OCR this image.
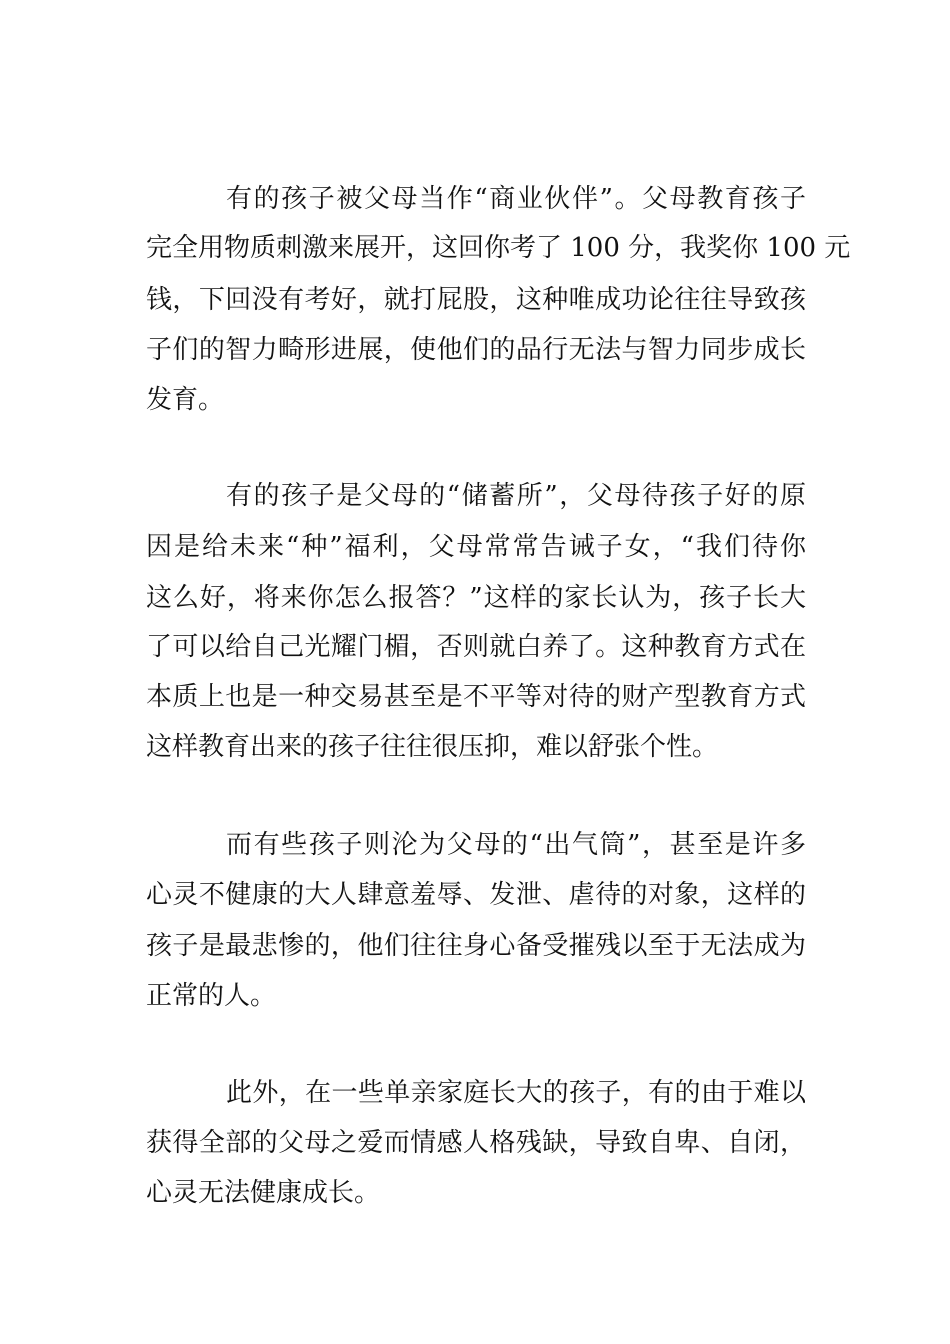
有的孩子被父母当作“商业伙伴”。父母教育孩子
完全用物质刺激来展开，这回你考了 100 分，我奖你 100 元
钱，下回没有考好，就打屁股，这种唯成功论往往导致孩
子们的智力畸形进展，使他们的品行无法与智力同步成长
发育。
有的孩子是父母的“储蓄所”，父母待孩子好的原
因是给未来“种”福利，父母常常告诫子女，“我们待你
这么好，将来你怎么报答？”这样的家长认为，孩子长大
了可以给自己光耀门楣，否则就白养了。这种教育方式在
本质上也是一种交易甚至是不平等对待的财产型教育方式
这样教育出来的孩子往往很压抑，难以舒张个性。
而有些孩子则沦为父母的“出气筒”，甚至是许多
心灵不健康的大人肆意羞辱、发泄、虐待的对象，这样的
孩子是最悲惨的，他们往往身心备受摧残以至于无法成为
正常的人。
此外，在一些单亲家庭长大的孩子，有的由于难以
获得全部的父母之爱而情感人格残缺，导致自卑、自闭，
心灵无法健康成长。
